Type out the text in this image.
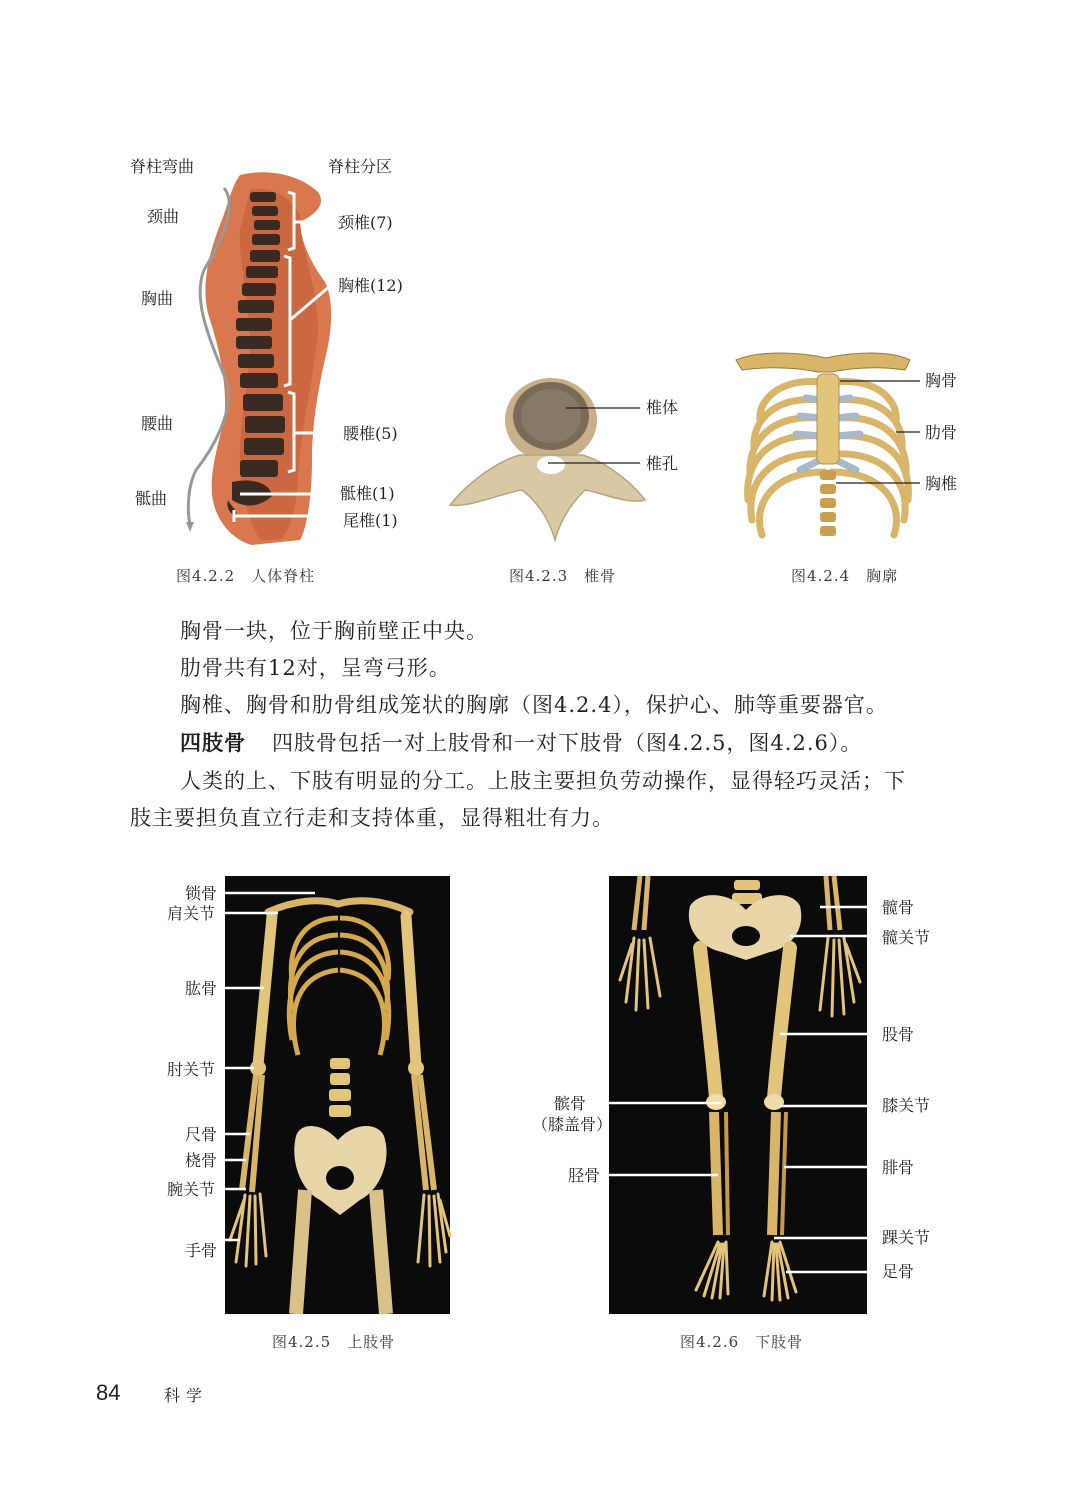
脊柱弯曲	脊柱分区
颈曲
胸曲
腰曲
骶曲
颈椎(7)
胸椎(12)
腰椎(5)
骶椎(1)
尾椎(1)
图4.2.2　人体脊柱
椎体
椎孔
图4.2.3　椎骨
胸骨
肋骨
胸椎
图4.2.4　胸廓
胸骨一块，位于胸前壁正中央。
肋骨共有12对，呈弯弓形。
胸椎、胸骨和肋骨组成笼状的胸廓（图4.2.4），保护心、肺等重要器官。
四肢骨 四肢骨包括一对上肢骨和一对下肢骨（图4.2.5，图4.2.6）。
人类的上、下肢有明显的分工。上肢主要担负劳动操作，显得轻巧灵活；下
肢主要担负直立行走和支持体重，显得粗壮有力。
锁骨
肩关节
肱骨
肘关节
尺骨
桡骨
腕关节
手骨
图4.2.5　上肢骨
髌骨
（膝盖骨）
胫骨
髋骨
髋关节
股骨
膝关节
腓骨
踝关节
足骨
图4.2.6　下肢骨
84	科学
